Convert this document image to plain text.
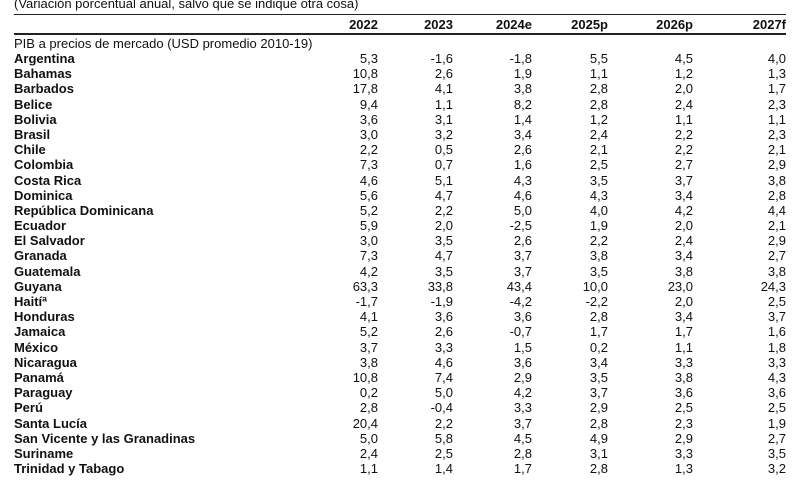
(Variación porcentual anual, salvo que se indique otra cosa)
2022	2023	2024e	2025p	2026p	2027f
PIB a precios de mercado (USD promedio 2010-19)
Argentina	5,3	-1,6	-1,8	5,5	4,5	4,0
Bahamas	10,8	2,6	1,9	1,1	1,2	1,3
Barbados	17,8	4,1	3,8	2,8	2,0	1,7
Belice	9,4	1,1	8,2	2,8	2,4	2,3
Bolivia	3,6	3,1	1,4	1,2	1,1	1,1
Brasil	3,0	3,2	3,4	2,4	2,2	2,3
Chile	2,2	0,5	2,6	2,1	2,2	2,1
Colombia	7,3	0,7	1,6	2,5	2,7	2,9
Costa Rica	4,6	5,1	4,3	3,5	3,7	3,8
Dominica	5,6	4,7	4,6	4,3	3,4	2,8
República Dominicana	5,2	2,2	5,0	4,0	4,2	4,4
Ecuador	5,9	2,0	-2,5	1,9	2,0	2,1
El Salvador	3,0	3,5	2,6	2,2	2,4	2,9
Granada	7,3	4,7	3,7	3,8	3,4	2,7
Guatemala	4,2	3,5	3,7	3,5	3,8	3,8
Guyana	63,3	33,8	43,4	10,0	23,0	24,3
Haitíª	-1,7	-1,9	-4,2	-2,2	2,0	2,5
Honduras	4,1	3,6	3,6	2,8	3,4	3,7
Jamaica	5,2	2,6	-0,7	1,7	1,7	1,6
México	3,7	3,3	1,5	0,2	1,1	1,8
Nicaragua	3,8	4,6	3,6	3,4	3,3	3,3
Panamá	10,8	7,4	2,9	3,5	3,8	4,3
Paraguay	0,2	5,0	4,2	3,7	3,6	3,6
Perú	2,8	-0,4	3,3	2,9	2,5	2,5
Santa Lucía	20,4	2,2	3,7	2,8	2,3	1,9
San Vicente y las Granadinas	5,0	5,8	4,5	4,9	2,9	2,7
Suriname	2,4	2,5	2,8	3,1	3,3	3,5
Trinidad y Tabago	1,1	1,4	1,7	2,8	1,3	3,2
